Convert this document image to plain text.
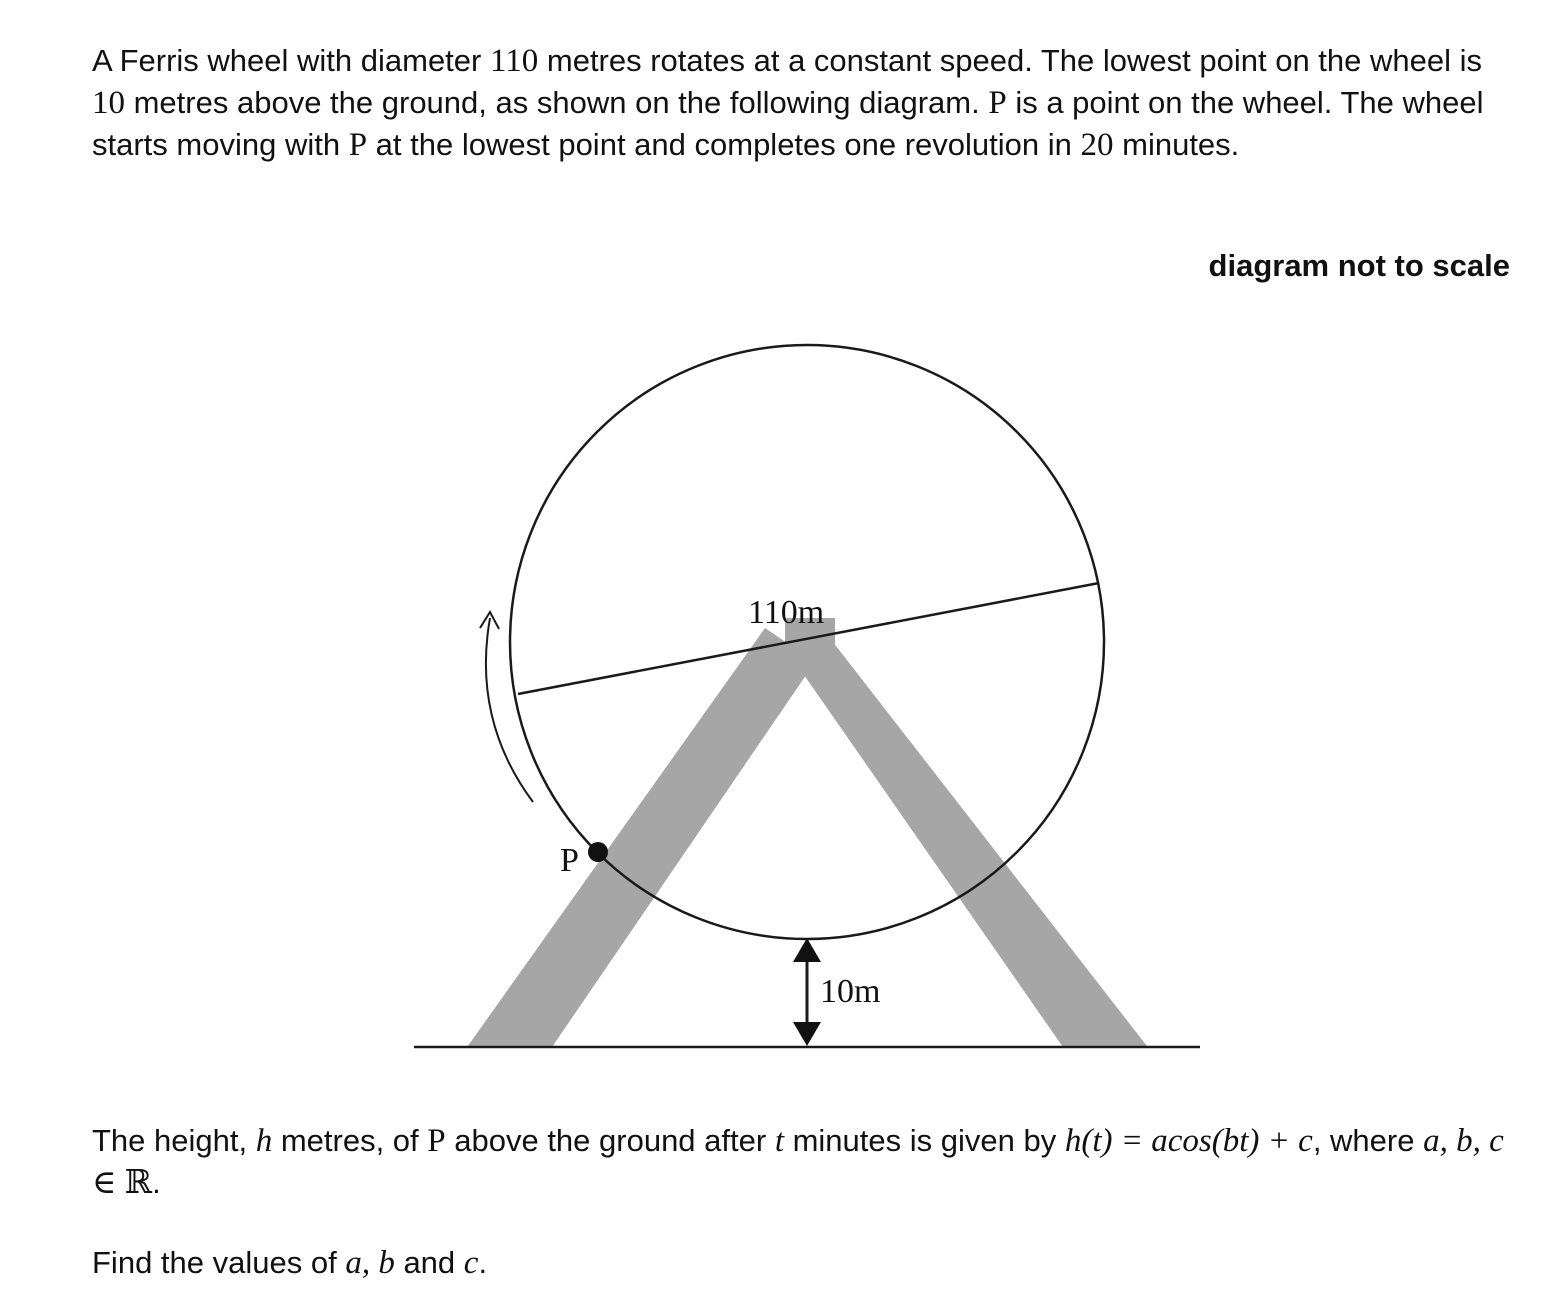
A Ferris wheel with diameter 110 metres rotates at a constant speed. The lowest point on the wheel is 10 metres above the ground, as shown on the following diagram. P is a point on the wheel. The wheel starts moving with P at the lowest point and completes one revolution in 20 minutes.

diagram not to scale
P
110m
10m

The height, h metres, of P above the ground after t minutes is given by h(t) = acos(bt) + c, where a, b, c ∈ ℝ.

Find the values of a, b and c.
